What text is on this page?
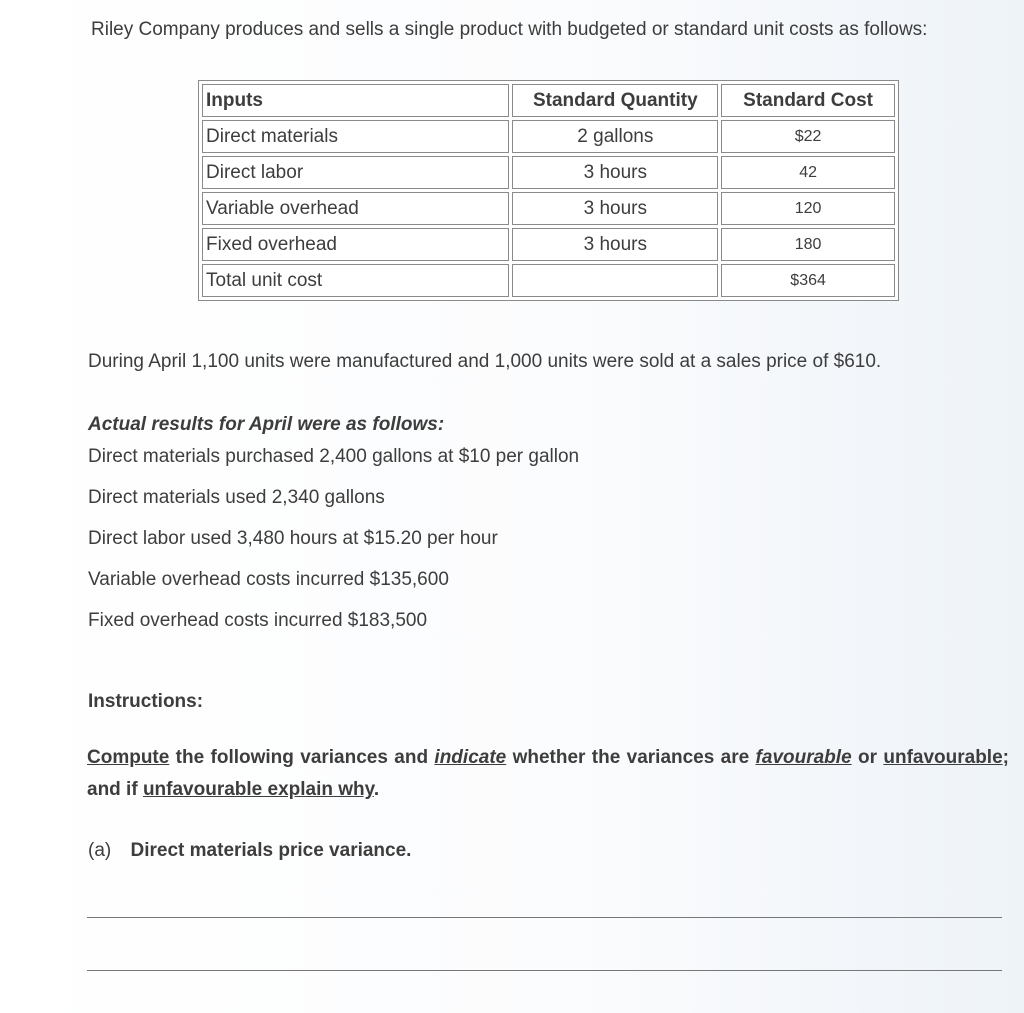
Riley Company produces and sells a single product with budgeted or standard unit costs as follows:
Inputs	Standard Quantity	Standard Cost
Direct materials	2 gallons	$22
Direct labor	3 hours	42
Variable overhead	3 hours	120
Fixed overhead	3 hours	180
Total unit cost		$364
During April 1,100 units were manufactured and 1,000 units were sold at a sales price of $610.
Actual results for April were as follows:
Direct materials purchased 2,400 gallons at $10 per gallon
Direct materials used 2,340 gallons
Direct labor used 3,480 hours at $15.20 per hour
Variable overhead costs incurred $135,600
Fixed overhead costs incurred $183,500
Instructions:
Compute the following variances and indicate whether the variances are favourable or unfavourable; and if unfavourable explain why.
(a) Direct materials price variance.
